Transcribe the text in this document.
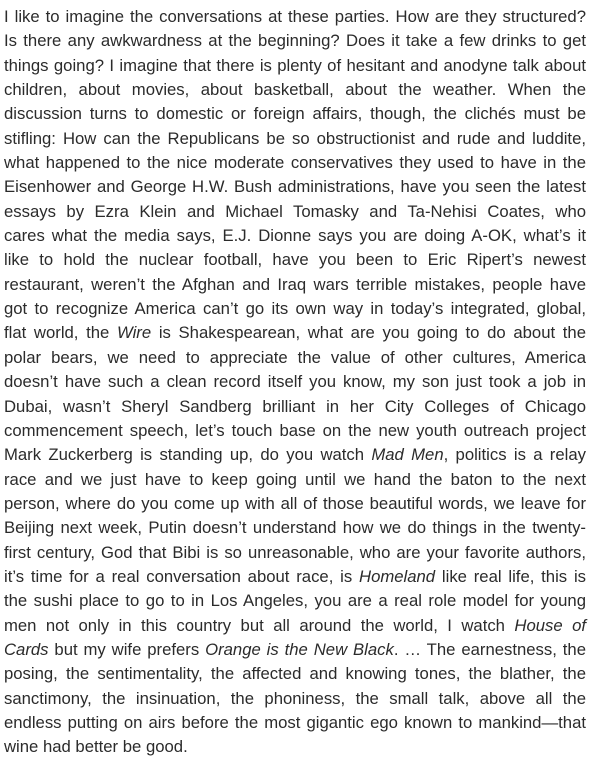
I like to imagine the conversations at these parties. How are they structured?
Is there any awkwardness at the beginning? Does it take a few drinks to get
things going? I imagine that there is plenty of hesitant and anodyne talk about
children, about movies, about basketball, about the weather. When the
discussion turns to domestic or foreign affairs, though, the clichés must be
stifling: How can the Republicans be so obstructionist and rude and luddite,
what happened to the nice moderate conservatives they used to have in the
Eisenhower and George H.W. Bush administrations, have you seen the latest
essays by Ezra Klein and Michael Tomasky and Ta-Nehisi Coates, who
cares what the media says, E.J. Dionne says you are doing A-OK, what’s it
like to hold the nuclear football, have you been to Eric Ripert’s newest
restaurant, weren’t the Afghan and Iraq wars terrible mistakes, people have
got to recognize America can’t go its own way in today’s integrated, global,
flat world, the Wire is Shakespearean, what are you going to do about the
polar bears, we need to appreciate the value of other cultures, America
doesn’t have such a clean record itself you know, my son just took a job in
Dubai, wasn’t Sheryl Sandberg brilliant in her City Colleges of Chicago
commencement speech, let’s touch base on the new youth outreach project
Mark Zuckerberg is standing up, do you watch Mad Men, politics is a relay
race and we just have to keep going until we hand the baton to the next
person, where do you come up with all of those beautiful words, we leave for
Beijing next week, Putin doesn’t understand how we do things in the twenty-
first century, God that Bibi is so unreasonable, who are your favorite authors,
it’s time for a real conversation about race, is Homeland like real life, this is
the sushi place to go to in Los Angeles, you are a real role model for young
men not only in this country but all around the world, I watch House of
Cards but my wife prefers Orange is the New Black. … The earnestness, the
posing, the sentimentality, the affected and knowing tones, the blather, the
sanctimony, the insinuation, the phoniness, the small talk, above all the
endless putting on airs before the most gigantic ego known to mankind—that
wine had better be good.
